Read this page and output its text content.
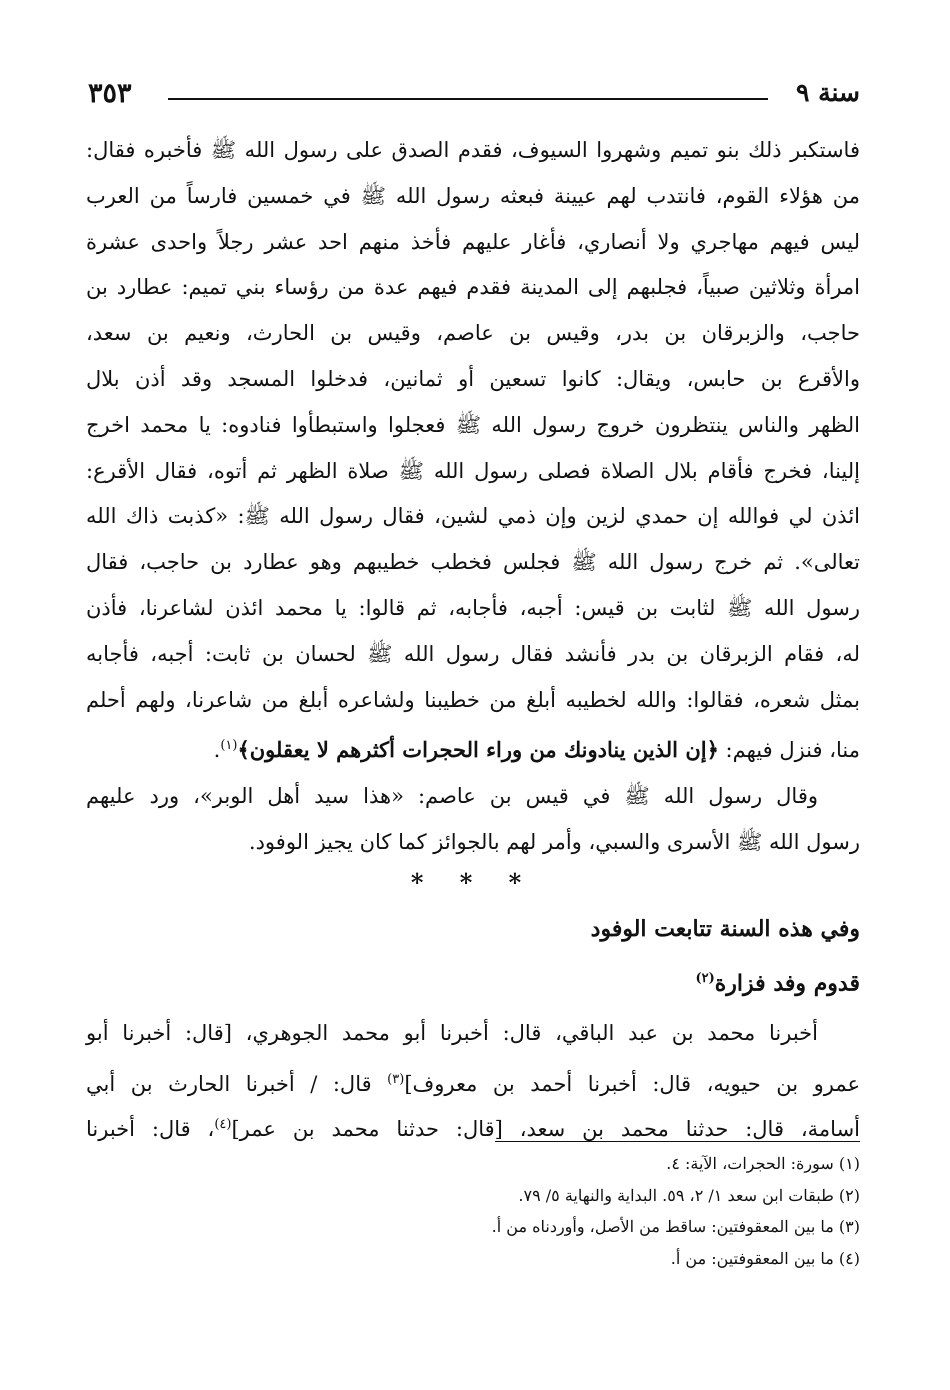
٣٥٣	سنة ٩
فاستكبر ذلك بنو تميم وشهروا السيوف، فقدم الصدق على رسول الله ﷺ فأخبره فقال:
من هؤلاء القوم، فانتدب لهم عيينة فبعثه رسول الله ﷺ في خمسين فارساً من العرب
ليس فيهم مهاجري ولا أنصاري، فأغار عليهم فأخذ منهم احد عشر رجلاً واحدى عشرة
امرأة وثلاثين صبياً، فجلبهم إلى المدينة فقدم فيهم عدة من رؤساء بني تميم: عطارد بن
حاجب، والزبرقان بن بدر، وقيس بن عاصم، وقيس بن الحارث، ونعيم بن سعد،
والأقرع بن حابس، ويقال: كانوا تسعين أو ثمانين، فدخلوا المسجد وقد أذن بلال
الظهر والناس ينتظرون خروج رسول الله ﷺ فعجلوا واستبطأوا فنادوه: يا محمد اخرج
إلينا، فخرج فأقام بلال الصلاة فصلى رسول الله ﷺ صلاة الظهر ثم أتوه، فقال الأقرع:
ائذن لي فوالله إن حمدي لزين وإن ذمي لشين، فقال رسول الله ﷺ: «كذبت ذاك الله
تعالى». ثم خرج رسول الله ﷺ فجلس فخطب خطيبهم وهو عطارد بن حاجب، فقال
رسول الله ﷺ لثابت بن قيس: أجبه، فأجابه، ثم قالوا: يا محمد ائذن لشاعرنا، فأذن
له، فقام الزبرقان بن بدر فأنشد فقال رسول الله ﷺ لحسان بن ثابت: أجبه، فأجابه
بمثل شعره، فقالوا: والله لخطيبه أبلغ من خطيبنا ولشاعره أبلغ من شاعرنا، ولهم أحلم
منا، فنزل فيهم: ﴿إن الذين ينادونك من وراء الحجرات أكثرهم لا يعقلون﴾$^{(١)}$.
وقال رسول الله ﷺ في قيس بن عاصم: «هذا سيد أهل الوبر»، ورد عليهم
رسول الله ﷺ الأسرى والسبي، وأمر لهم بالجوائز كما كان يجيز الوفود.
* * *
وفي هذه السنة تتابعت الوفود
قدوم وفد فزارة$^{(٢)}$
أخبرنا محمد بن عبد الباقي، قال: أخبرنا أبو محمد الجوهري، [قال: أخبرنا أبو
عمرو بن حيويه، قال: أخبرنا أحمد بن معروف]$^{(٣)}$ قال: / أخبرنا الحارث بن أبي
أسامة، قال: حدثنا محمد بن سعد، [قال: حدثنا محمد بن عمر]$^{(٤)}$، قال: أخبرنا
(١) سورة: الحجرات، الآية: ٤.
(٢) طبقات ابن سعد ١/ ٢، ٥٩. البداية والنهاية ٥/ ٧٩.
(٣) ما بين المعقوفتين: ساقط من الأصل، وأوردناه من أ.
(٤) ما بين المعقوفتين: من أ.
